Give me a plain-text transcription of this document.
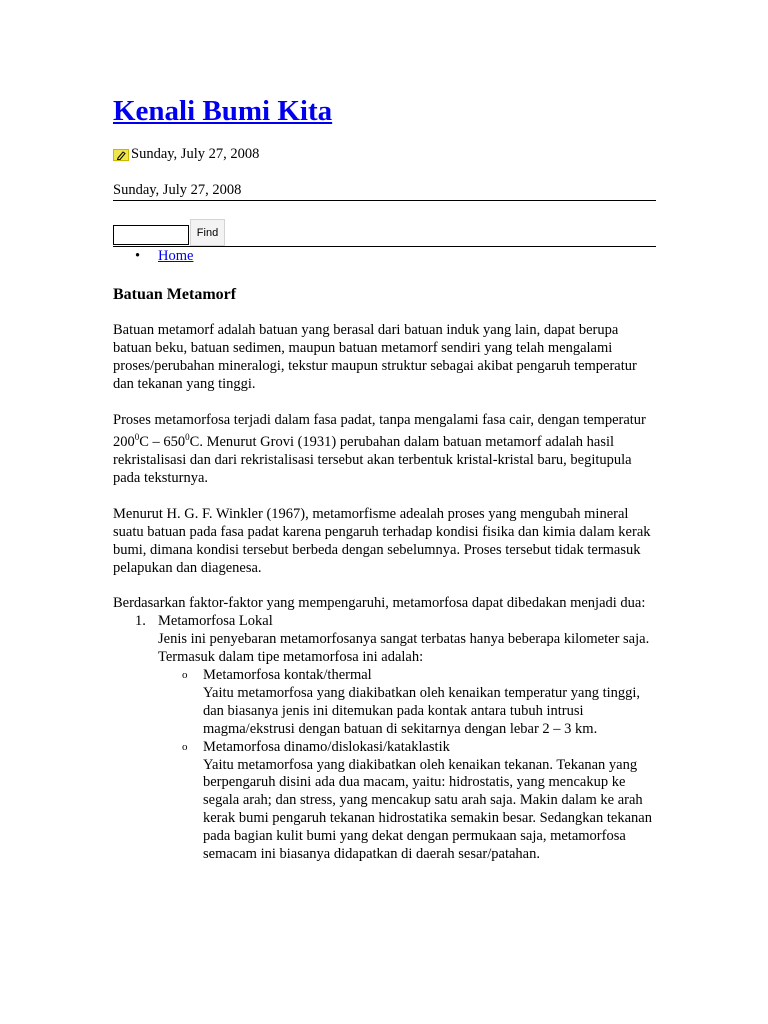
Kenali Bumi Kita
Sunday, July 27, 2008
Sunday, July 27, 2008
Find
• Home
Batuan Metamorf

Batuan metamorf adalah batuan yang berasal dari batuan induk yang lain, dapat berupa batuan beku, batuan sedimen, maupun batuan metamorf sendiri yang telah mengalami proses/perubahan mineralogi, tekstur maupun struktur sebagai akibat pengaruh temperatur dan tekanan yang tinggi.

Proses metamorfosa terjadi dalam fasa padat, tanpa mengalami fasa cair, dengan temperatur $200^0C - 650^0C$. Menurut Grovi (1931) perubahan dalam batuan metamorf adalah hasil rekristalisasi dan dari rekristalisasi tersebut akan terbentuk kristal-kristal baru, begitupula pada teksturnya.

Menurut H. G. F. Winkler (1967), metamorfisme adealah proses yang mengubah mineral suatu batuan pada fasa padat karena pengaruh terhadap kondisi fisika dan kimia dalam kerak bumi, dimana kondisi tersebut berbeda dengan sebelumnya. Proses tersebut tidak termasuk pelapukan dan diagenesa.

Berdasarkan faktor-faktor yang mempengaruhi, metamorfosa dapat dibedakan menjadi dua:

1. Metamorfosa Lokal
Jenis ini penyebaran metamorfosanya sangat terbatas hanya beberapa kilometer saja. Termasuk dalam tipe metamorfosa ini adalah:
o Metamorfosa kontak/thermal
Yaitu metamorfosa yang diakibatkan oleh kenaikan temperatur yang tinggi, dan biasanya jenis ini ditemukan pada kontak antara tubuh intrusi magma/ekstrusi dengan batuan di sekitarnya dengan lebar 2 – 3 km.
o Metamorfosa dinamo/dislokasi/kataklastik
Yaitu metamorfosa yang diakibatkan oleh kenaikan tekanan. Tekanan yang berpengaruh disini ada dua macam, yaitu: hidrostatis, yang mencakup ke segala arah; dan stress, yang mencakup satu arah saja. Makin dalam ke arah kerak bumi pengaruh tekanan hidrostatika semakin besar. Sedangkan tekanan pada bagian kulit bumi yang dekat dengan permukaan saja, metamorfosa semacam ini biasanya didapatkan di daerah sesar/patahan.
